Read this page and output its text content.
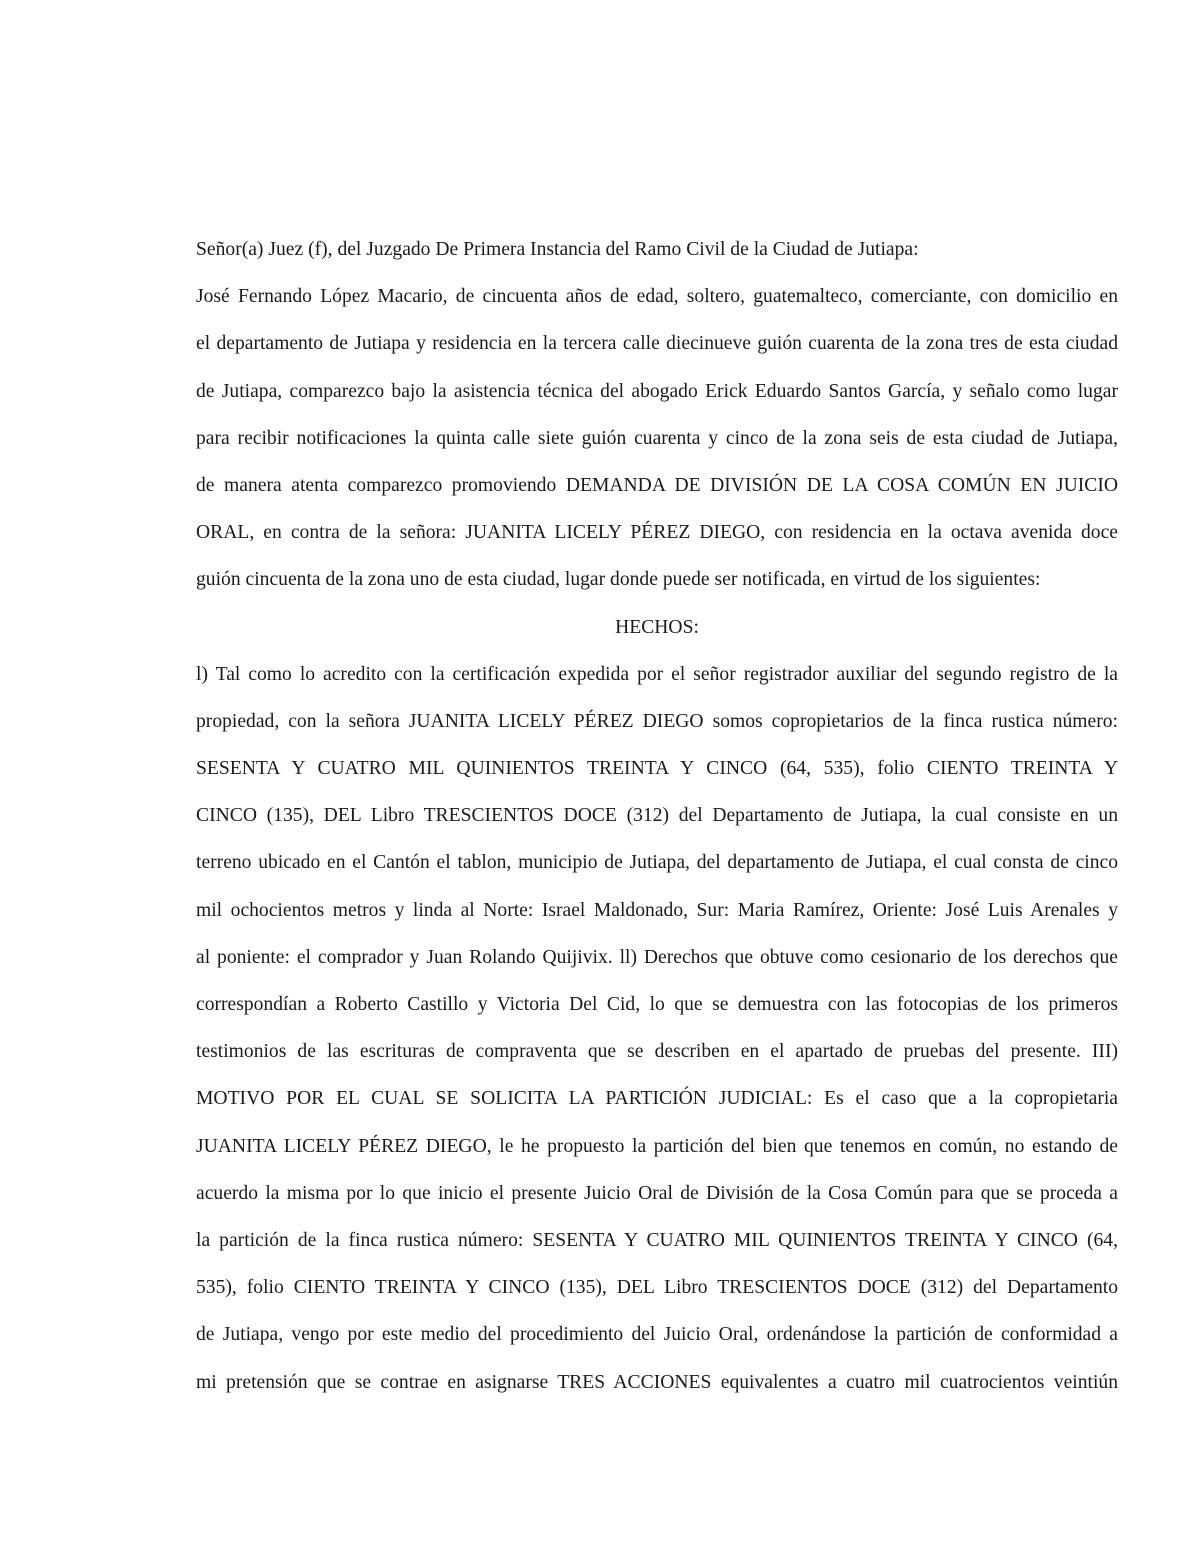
Señor(a) Juez (f), del Juzgado De Primera Instancia del Ramo Civil de la Ciudad de Jutiapa:
José Fernando López Macario, de cincuenta años de edad, soltero, guatemalteco, comerciante, con domicilio en
el departamento de Jutiapa y residencia en la tercera calle diecinueve guión cuarenta de la zona tres de esta ciudad
de Jutiapa, comparezco bajo la asistencia técnica del abogado Erick Eduardo Santos García, y señalo como lugar
para recibir notificaciones la quinta calle siete guión cuarenta y cinco de la zona seis de esta ciudad de Jutiapa,
de manera atenta comparezco promoviendo DEMANDA DE DIVISIÓN DE LA COSA COMÚN EN JUICIO
ORAL, en contra de la señora: JUANITA LICELY PÉREZ DIEGO, con residencia en la octava avenida doce
guión cincuenta de la zona uno de esta ciudad, lugar donde puede ser notificada, en virtud de los siguientes:
HECHOS:
l) Tal como lo acredito con la certificación expedida por el señor registrador auxiliar del segundo registro de la
propiedad, con la señora JUANITA LICELY PÉREZ DIEGO somos copropietarios de la finca rustica número:
SESENTA Y CUATRO MIL QUINIENTOS TREINTA Y CINCO (64, 535), folio CIENTO TREINTA Y
CINCO (135), DEL Libro TRESCIENTOS DOCE (312) del Departamento de Jutiapa, la cual consiste en un
terreno ubicado en el Cantón el tablon, municipio de Jutiapa, del departamento de Jutiapa, el cual consta de cinco
mil ochocientos metros y linda al Norte: Israel Maldonado, Sur: Maria Ramírez, Oriente: José Luis Arenales y
al poniente: el comprador y Juan Rolando Quijivix. ll) Derechos que obtuve como cesionario de los derechos que
correspondían a Roberto Castillo y Victoria Del Cid, lo que se demuestra con las fotocopias de los primeros
testimonios de las escrituras de compraventa que se describen en el apartado de pruebas del presente. III)
MOTIVO POR EL CUAL SE SOLICITA LA PARTICIÓN JUDICIAL: Es el caso que a la copropietaria
JUANITA LICELY PÉREZ DIEGO, le he propuesto la partición del bien que tenemos en común, no estando de
acuerdo la misma por lo que inicio el presente Juicio Oral de División de la Cosa Común para que se proceda a
la partición de la finca rustica número: SESENTA Y CUATRO MIL QUINIENTOS TREINTA Y CINCO (64,
535), folio CIENTO TREINTA Y CINCO (135), DEL Libro TRESCIENTOS DOCE (312) del Departamento
de Jutiapa, vengo por este medio del procedimiento del Juicio Oral, ordenándose la partición de conformidad a
mi pretensión que se contrae en asignarse TRES ACCIONES equivalentes a cuatro mil cuatrocientos veintiún
